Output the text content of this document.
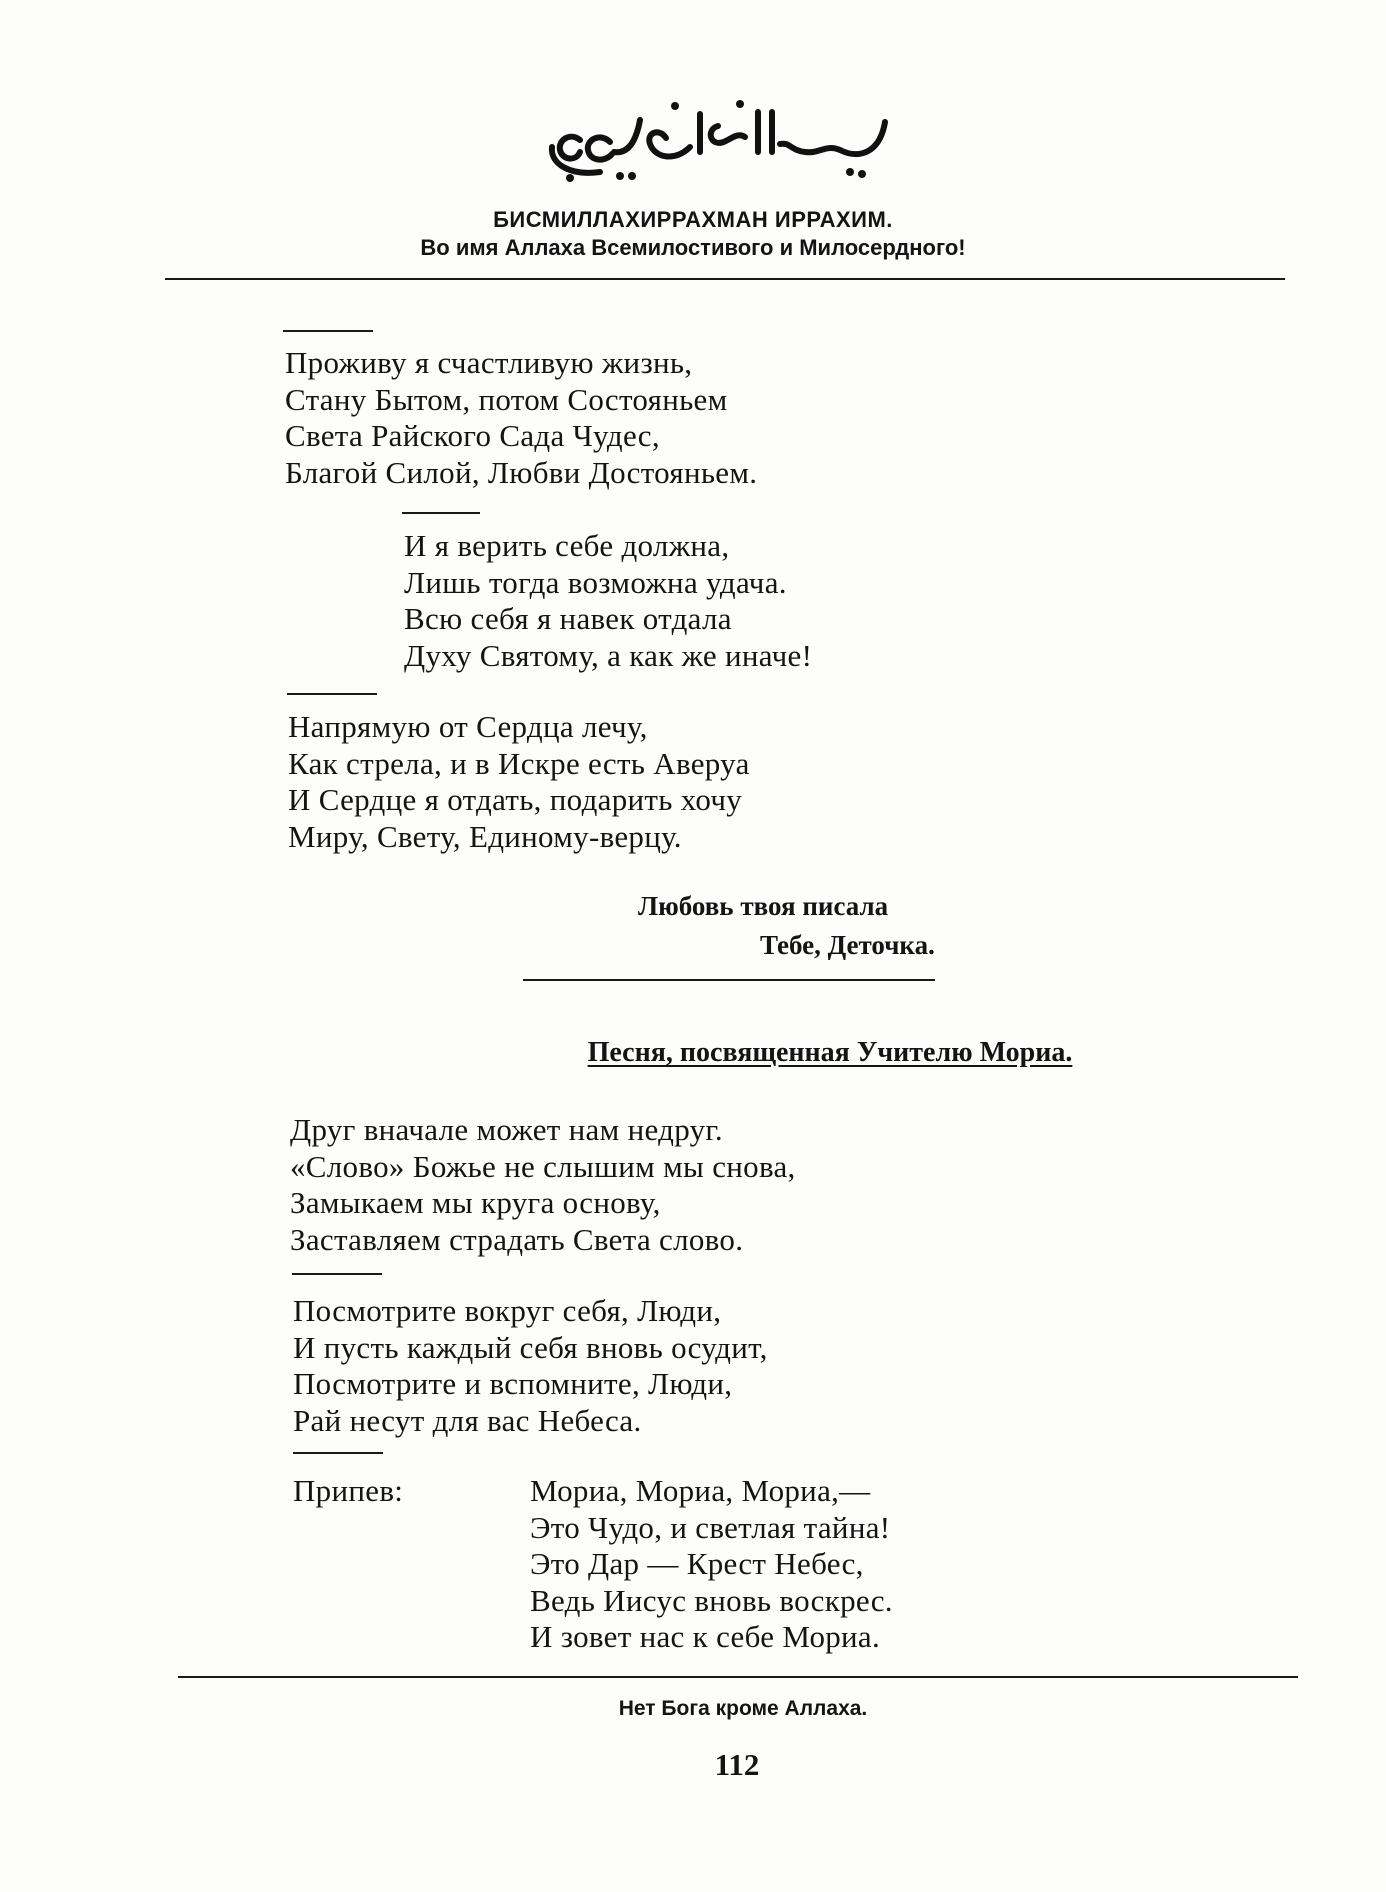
БИСМИЛЛАХИРРАХМАН ИРРАХИМ.
Во имя Аллаха Всемилостивого и Милосердного!
Проживу я счастливую жизнь,
Стану Бытом, потом Состояньем
Света Райского Сада Чудес,
Благой Силой, Любви Достояньем.
И я верить себе должна,
Лишь тогда возможна удача.
Всю себя я навек отдала
Духу Святому, а как же иначе!
Напрямую от Сердца лечу,
Как стрела, и в Искре есть Аверуа
И Сердце я отдать, подарить хочу
Миру, Свету, Единому-верцу.
Любовь твоя писала
Тебе, Деточка.
Песня, посвященная Учителю Мориа.
Друг вначале может нам недруг.
«Слово» Божье не слышим мы снова,
Замыкаем мы круга основу,
Заставляем страдать Света слово.
Посмотрите вокруг себя, Люди,
И пусть каждый себя вновь осудит,
Посмотрите и вспомните, Люди,
Рай несут для вас Небеса.
Припев:	Мориа, Мориа, Мориа,—
Это Чудо, и светлая тайна!
Это Дар — Крест Небес,
Ведь Иисус вновь воскрес.
И зовет нас к себе Мориа.
Нет Бога кроме Аллаха.
112
